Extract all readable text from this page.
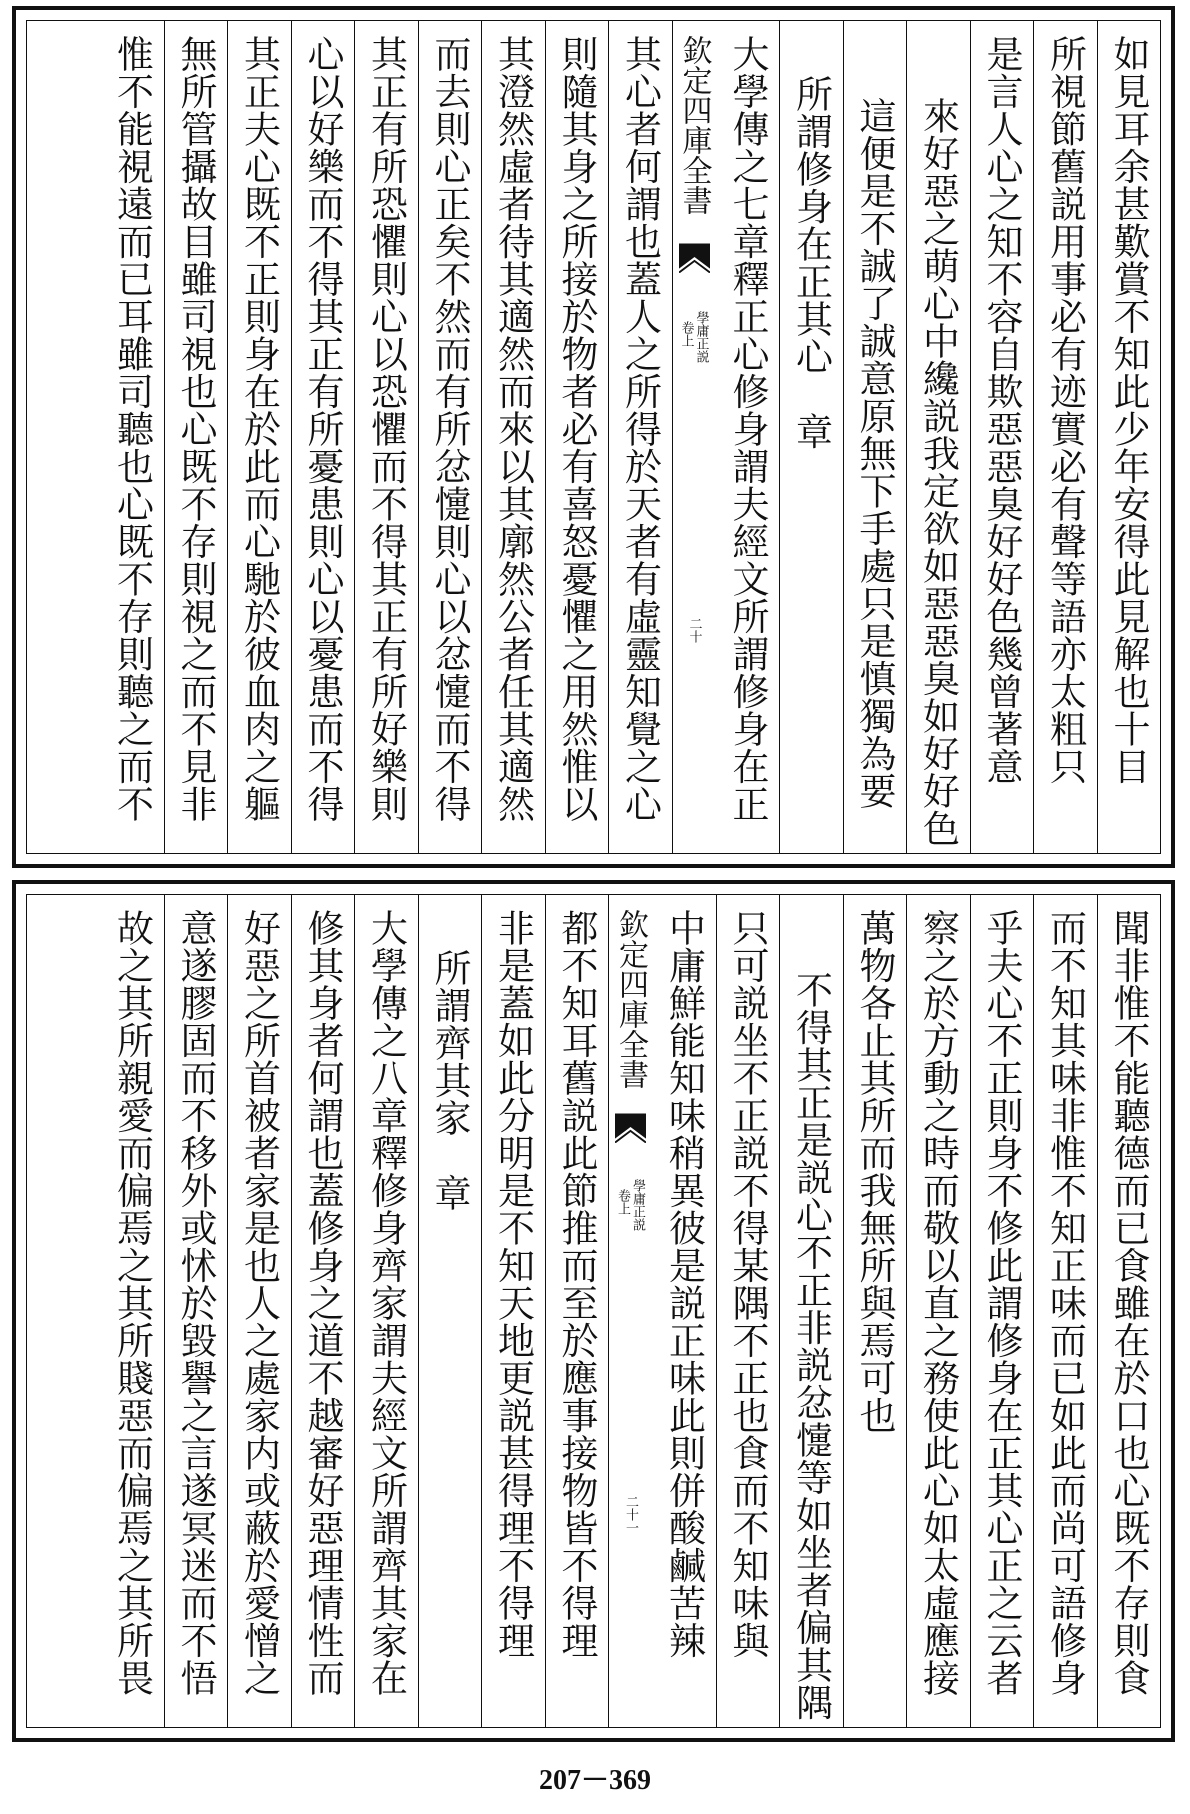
如見耳余甚歎賞不知此少年安得此見解也十目
所視節舊説用事必有迹實必有聲等語亦太粗只
是言人心之知不容自欺惡惡臭好好色幾曾著意
來好惡之萌心中纔説我定欲如惡惡臭如好好色
這便是不誠了誠意原無下手處只是慎獨為要
所謂修身在正其心　章
大學傳之七章釋正心修身謂夫經文所謂修身在正
欽定四庫全書
學庸正説
卷上
二十
其心者何謂也蓋人之所得於天者有虛靈知覺之心
則隨其身之所接於物者必有喜怒憂懼之用然惟以
其澄然虛者待其適然而來以其廓然公者任其適然
而去則心正矣不然而有所忿懥則心以忿懥而不得
其正有所恐懼則心以恐懼而不得其正有所好樂則
心以好樂而不得其正有所憂患則心以憂患而不得
其正夫心既不正則身在於此而心馳於彼血肉之軀
無所管攝故目雖司視也心既不存則視之而不見非
惟不能視遠而已耳雖司聽也心既不存則聽之而不
聞非惟不能聽德而已食雖在於口也心既不存則食
而不知其味非惟不知正味而已如此而尚可語修身
乎夫心不正則身不修此謂修身在正其心正之云者
察之於方動之時而敬以直之務使此心如太虛應接
萬物各止其所而我無所與焉可也
不得其正是説心不正非説忿懥等如坐者偏其隅
只可説坐不正説不得某隅不正也食而不知味與
中庸鮮能知味稍異彼是説正味此則併酸鹹苦辣
欽定四庫全書
學庸正説
卷上
二十一
都不知耳舊説此節推而至於應事接物皆不得理
非是蓋如此分明是不知天地更説甚得理不得理
所謂齊其家　章
大學傳之八章釋修身齊家謂夫經文所謂齊其家在
修其身者何謂也蓋修身之道不越審好惡理情性而
好惡之所首被者家是也人之處家内或蔽於愛憎之
意遂膠固而不移外或怵於毀譽之言遂冥迷而不悟
故之其所親愛而偏焉之其所賤惡而偏焉之其所畏
207－369
